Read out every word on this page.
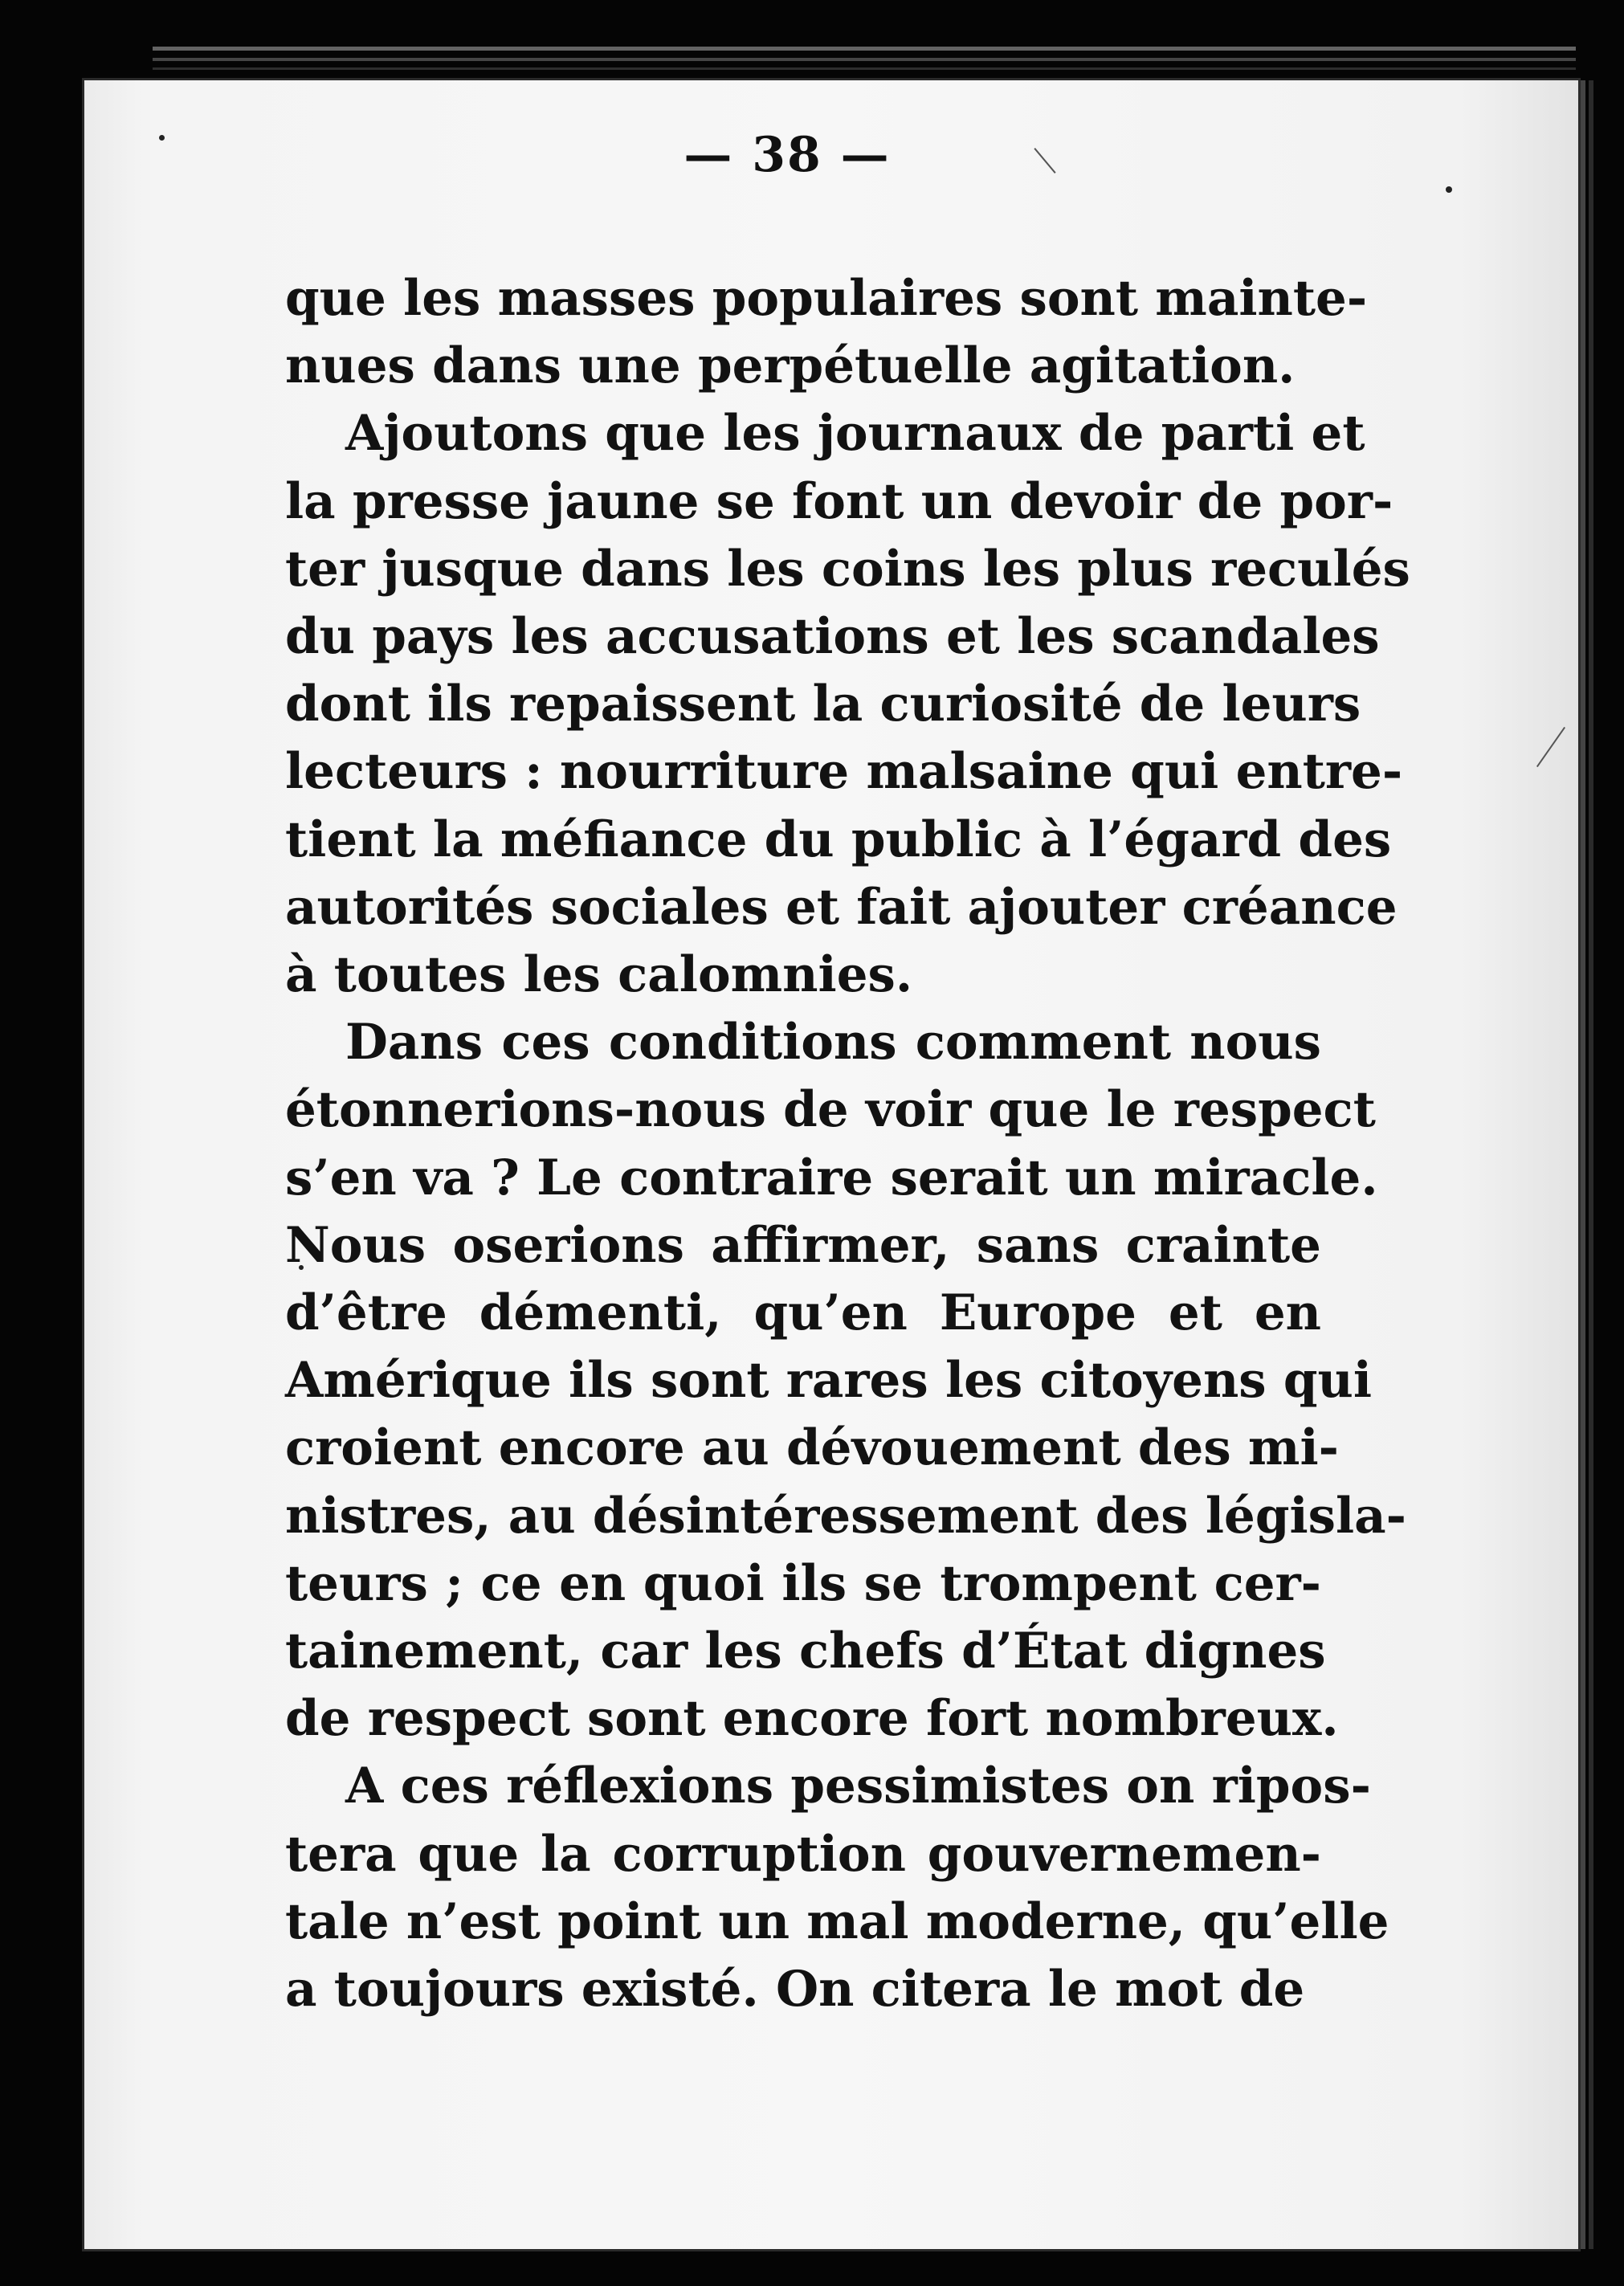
— 38 —
que les masses populaires sont mainte-
nues dans une perpétuelle agitation.
Ajoutons que les journaux de parti et
la presse jaune se font un devoir de por-
ter jusque dans les coins les plus reculés
du pays les accusations et les scandales
dont ils repaissent la curiosité de leurs
lecteurs : nourriture malsaine qui entre-
tient la méfiance du public à l’égard des
autorités sociales et fait ajouter créance
à toutes les calomnies.
Dans ces conditions comment nous
étonnerions-nous de voir que le respect
s’en va ? Le contraire serait un miracle.
Nous oserions affirmer, sans crainte
d’être démenti, qu’en Europe et en
Amérique ils sont rares les citoyens qui
croient encore au dévouement des mi-
nistres, au désintéressement des législa-
teurs ; ce en quoi ils se trompent cer-
tainement, car les chefs d’État dignes
de respect sont encore fort nombreux.
A ces réflexions pessimistes on ripos-
tera que la corruption gouvernemen-
tale n’est point un mal moderne, qu’elle
a toujours existé. On citera le mot de
